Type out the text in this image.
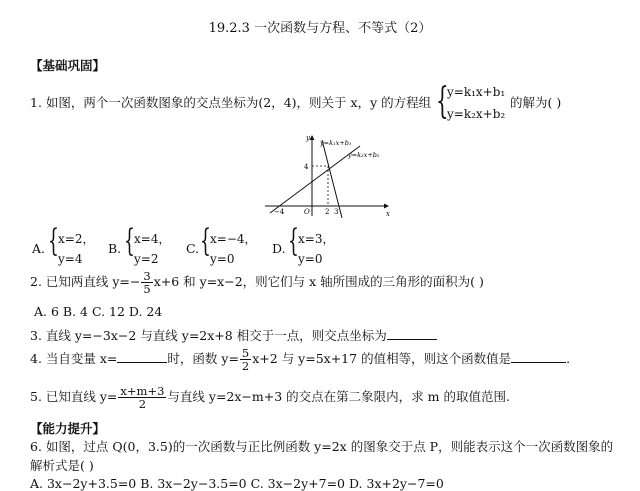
19.2.3 一次函数与方程、不等式（2）
【基础巩固】
1. 如图，两个一次函数图象的交点坐标为(2，4)，则关于 x，y 的方程组 {
y=k₁x+b₁
y=k₂x+b₂
的解为( )
y
x
y=k₁x+b₁
y=k₂x+b₂
4
−4	O 2 3
A. { x=2，
y=4
B. { x=4，
y=2
C. { x=−4，
y=0
D. { x=3，
y=0
2. 已知两直线 $y=- \frac{3}{5} x+6$ 和 y=x−2，则它们与 x 轴所围成的三角形的面积为( )
A. 6 B. 4 C. 12 D. 24
3. 直线 y=−3x−2 与直线 y=2x+8 相交于一点，则交点坐标为
4. 当自变量 x=	时，函数 $y= \frac{5}{2} x+2$ 与 y=5x+17 的值相等，则这个函数值是	.
5. 已知直线 $y= \frac{x+m+3}{2}$ 与直线 y=2x−m+3 的交点在第二象限内，求 m 的取值范围.
【能力提升】
6. 如图，过点 Q(0，3.5)的一次函数与正比例函数 y=2x 的图象交于点 P，则能表示这个一次函数图象的
解析式是( )
A. 3x−2y+3.5=0 B. 3x−2y−3.5=0 C. 3x−2y+7=0 D. 3x+2y−7=0
